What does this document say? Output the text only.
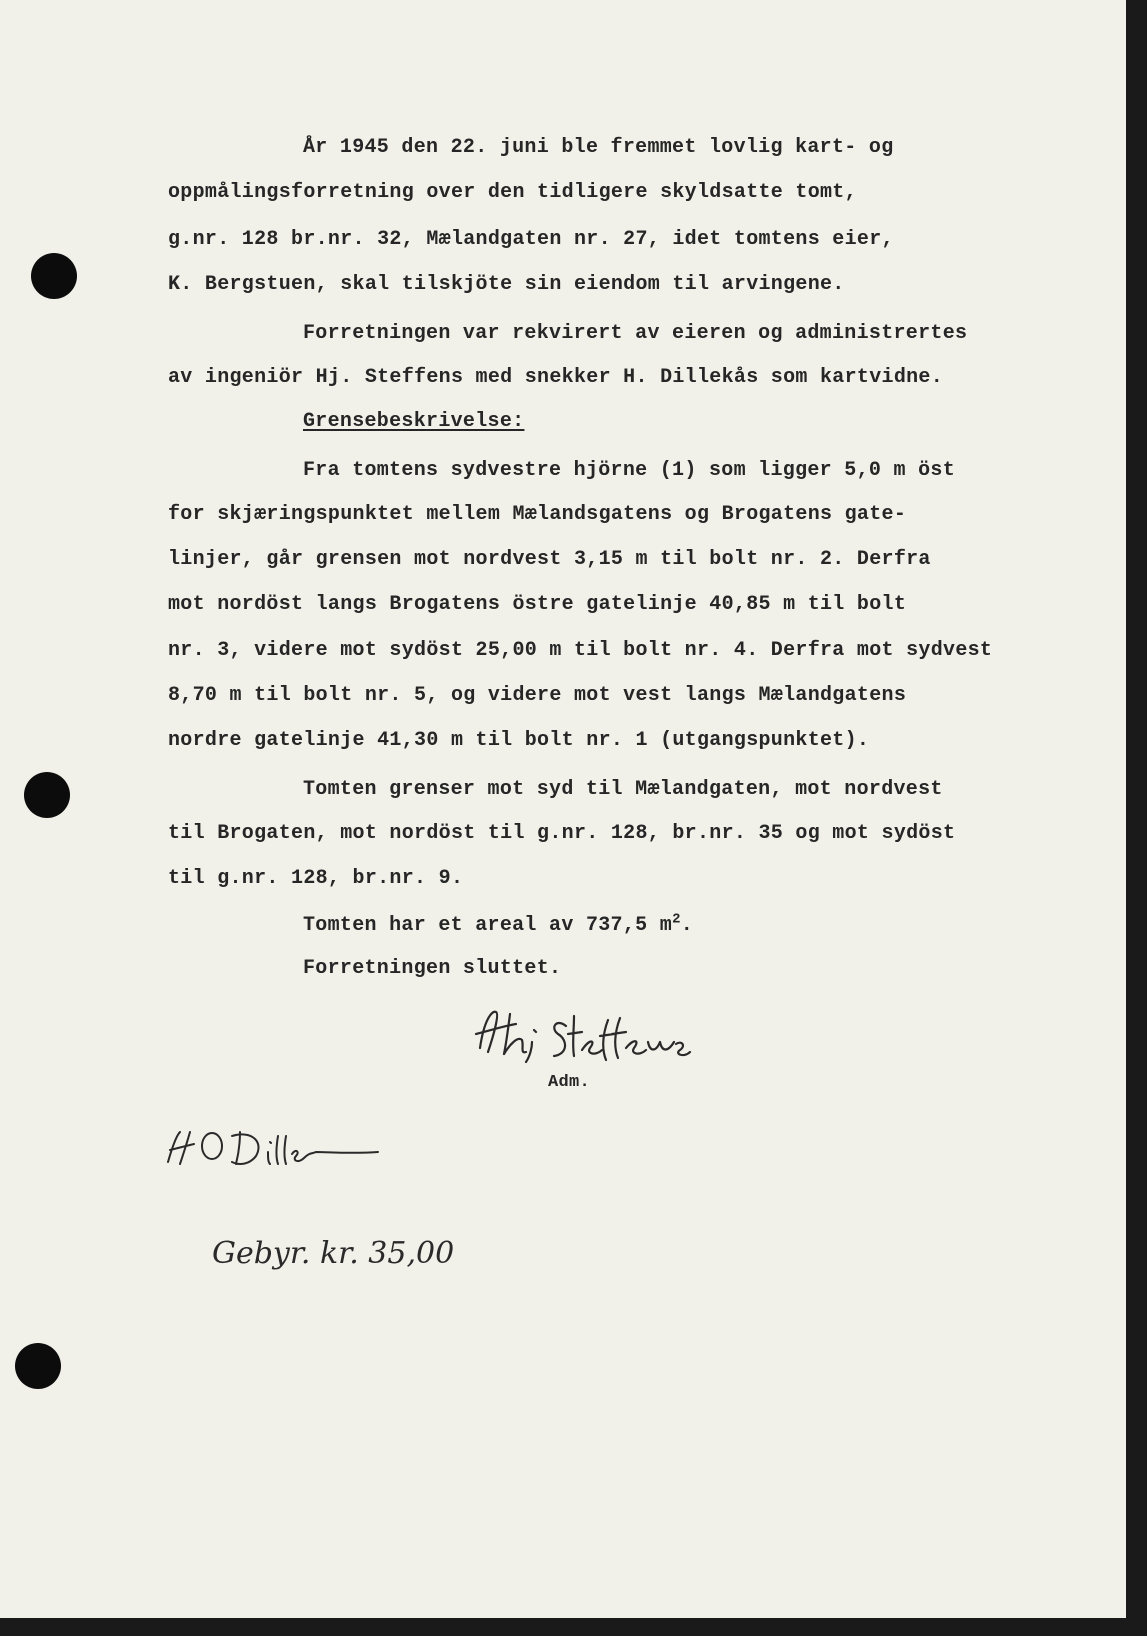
År 1945 den 22. juni ble fremmet lovlig kart- og
oppmålingsforretning over den tidligere skyldsatte tomt,
g.nr. 128 br.nr. 32, Mælandgaten nr. 27, idet tomtens eier,
K. Bergstuen, skal tilskjöte sin eiendom til arvingene.
Forretningen var rekvirert av eieren og administrertes
av ingeniör Hj. Steffens med snekker H. Dillekås som kartvidne.
Grensebeskrivelse:
Fra tomtens sydvestre hjörne (1) som ligger 5,0 m öst
for skjæringspunktet mellem Mælandsgatens og Brogatens gate-
linjer, går grensen mot nordvest 3,15 m til bolt nr. 2. Derfra
mot nordöst langs Brogatens östre gatelinje 40,85 m til bolt
nr. 3, videre mot sydöst 25,00 m til bolt nr. 4. Derfra mot sydvest
8,70 m til bolt nr. 5, og videre mot vest langs Mælandgatens
nordre gatelinje 41,30 m til bolt nr. 1 (utgangspunktet).
Tomten grenser mot syd til Mælandgaten, mot nordvest
til Brogaten, mot nordöst til g.nr. 128, br.nr. 35 og mot sydöst
til g.nr. 128, br.nr. 9.
Tomten har et areal av 737,5 $m^2$.
Forretningen sluttet.
Adm.
Gebyr. kr. 35,00
